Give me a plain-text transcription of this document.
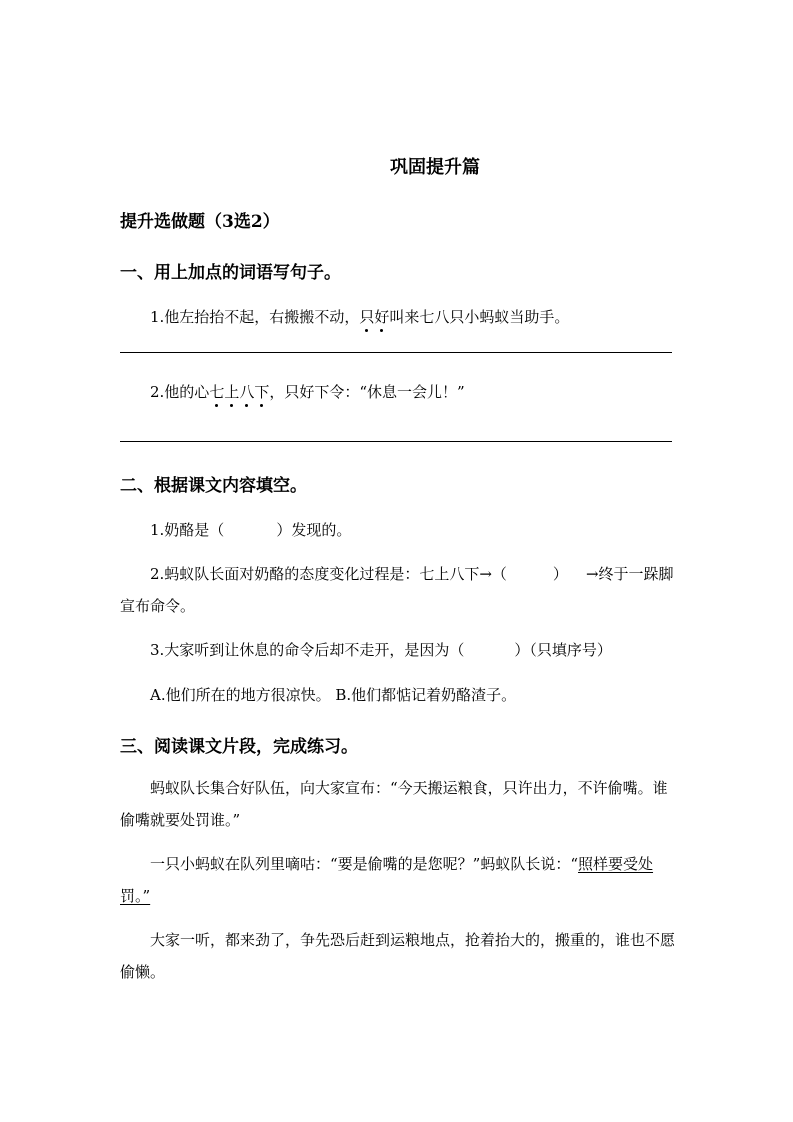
巩固提升篇
提升选做题（3选2）
一、用上加点的词语写句子。
1.他左抬抬不起，右搬搬不动，只好叫来七八只小蚂蚁当助手。
2.他的心七上八下，只好下令：“休息一会儿！”
二、根据课文内容填空。
1.奶酪是（	）发现的。
2.蚂蚁队长面对奶酪的态度变化过程是：七上八下→（	） →终于一跺脚宣布命令。
3.大家听到让休息的命令后却不走开，是因为（	）（只填序号）
A.他们所在的地方很凉快。 B.他们都惦记着奶酪渣子。
三、阅读课文片段，完成练习。
蚂蚁队长集合好队伍，向大家宣布：“今天搬运粮食，只许出力，不许偷嘴。谁偷嘴就要处罚谁。”
一只小蚂蚁在队列里嘀咕：“要是偷嘴的是您呢？”蚂蚁队长说：“照样要受处罚。”
大家一听，都来劲了，争先恐后赶到运粮地点，抢着抬大的，搬重的，谁也不愿偷懒。
